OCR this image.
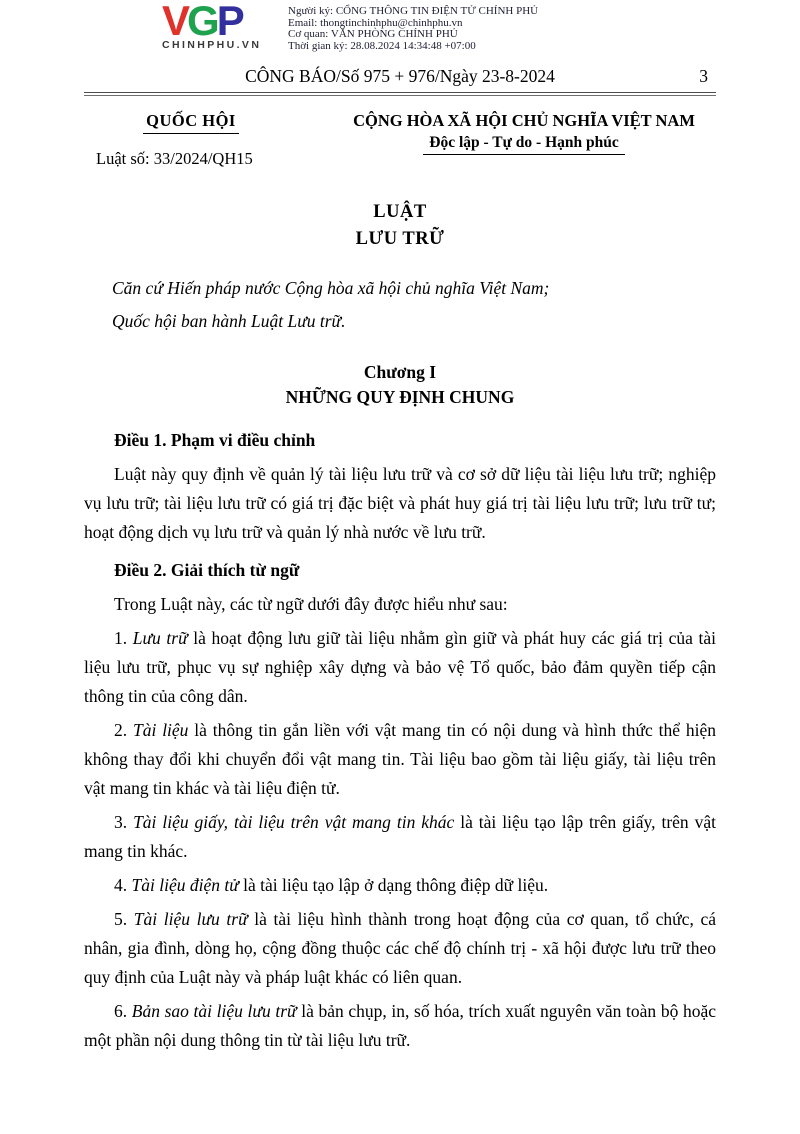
VGP
CHINHPHU.VN
Người ký: CỔNG THÔNG TIN ĐIỆN TỬ CHÍNH PHỦ
Email: thongtinchinhphu@chinhphu.vn
Cơ quan: VĂN PHÒNG CHÍNH PHỦ
Thời gian ký: 28.08.2024 14:34:48 +07:00
CÔNG BÁO/Số 975 + 976/Ngày 23-8-2024	3
QUỐC HỘI
Luật số: 33/2024/QH15
CỘNG HÒA XÃ HỘI CHỦ NGHĨA VIỆT NAM
Độc lập - Tự do - Hạnh phúc
LUẬT
LƯU TRỮ

Căn cứ Hiến pháp nước Cộng hòa xã hội chủ nghĩa Việt Nam;

Quốc hội ban hành Luật Lưu trữ.

Chương I
NHỮNG QUY ĐỊNH CHUNG

Điều 1. Phạm vi điều chỉnh

Luật này quy định về quản lý tài liệu lưu trữ và cơ sở dữ liệu tài liệu lưu trữ; nghiệp vụ lưu trữ; tài liệu lưu trữ có giá trị đặc biệt và phát huy giá trị tài liệu lưu trữ; lưu trữ tư; hoạt động dịch vụ lưu trữ và quản lý nhà nước về lưu trữ.

Điều 2. Giải thích từ ngữ

Trong Luật này, các từ ngữ dưới đây được hiểu như sau:

1. Lưu trữ là hoạt động lưu giữ tài liệu nhằm gìn giữ và phát huy các giá trị của tài liệu lưu trữ, phục vụ sự nghiệp xây dựng và bảo vệ Tổ quốc, bảo đảm quyền tiếp cận thông tin của công dân.

2. Tài liệu là thông tin gắn liền với vật mang tin có nội dung và hình thức thể hiện không thay đổi khi chuyển đổi vật mang tin. Tài liệu bao gồm tài liệu giấy, tài liệu trên vật mang tin khác và tài liệu điện tử.

3. Tài liệu giấy, tài liệu trên vật mang tin khác là tài liệu tạo lập trên giấy, trên vật mang tin khác.

4. Tài liệu điện tử là tài liệu tạo lập ở dạng thông điệp dữ liệu.

5. Tài liệu lưu trữ là tài liệu hình thành trong hoạt động của cơ quan, tổ chức, cá nhân, gia đình, dòng họ, cộng đồng thuộc các chế độ chính trị - xã hội được lưu trữ theo quy định của Luật này và pháp luật khác có liên quan.

6. Bản sao tài liệu lưu trữ là bản chụp, in, số hóa, trích xuất nguyên văn toàn bộ hoặc một phần nội dung thông tin từ tài liệu lưu trữ.
